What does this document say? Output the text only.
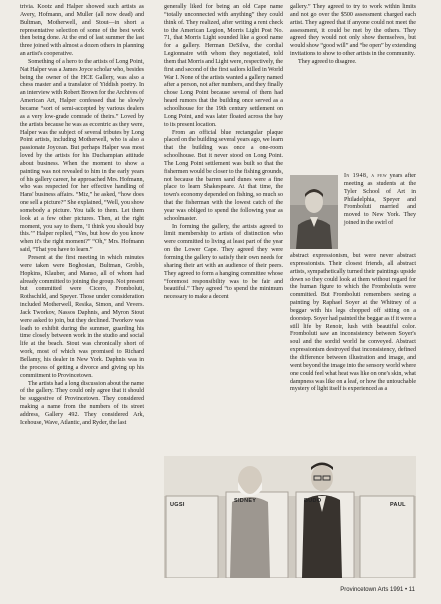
trivia. Kootz and Halper showed such artists as Avery, Hofmann, and Muller (all now dead) and Bultman, Motherwell, and Stout—in short a representative selection of some of the best work then being done. At the end of last summer the last three joined with almost a dozen others in planning an artist's cooperative.

Something of a hero to the artists of Long Point, Nat Halper was a James Joyce scholar who, besides being the owner of the HCE Gallery, was also a chess master and a translator of Yiddish poetry. In an interview with Robert Brown for the Archives of American Art, Halper confessed that he slowly became “sort of semi-accepted by various dealers as a very low-grade comrade of theirs.” Loved by the artists because he was as eccentric as they were, Halper was the subject of several tributes by Long Point artists, including Motherwell, who is also a passionate Joycean. But perhaps Halper was most loved by the artists for his Duchampian attitude about business. When the moment to show a painting was not revealed to him in the early years of his gallery career, he approached Mrs. Hofmann, who was respected for her effective handling of Hans' business affairs. “Miz,” he asked, “how does one sell a picture?” She explained, “Well, you show somebody a picture. You talk to them. Let them look at a few other pictures. Then, at the right moment, you say to them, ‘I think you should buy this.’” Halper replied, “Yes, but how do you know when it's the right moment?” “Oh,” Mrs. Hofmann said, “That you have to learn.”

Present at the first meeting in which minutes were taken were Boghosian, Bultman, Grobls, Hopkins, Klauber, and Manso, all of whom had already committed to joining the group. Not present but committed were Cicero, Fromboluti, Rothschild, and Speyer. Those under consideration included Motherwell, Resika, Simon, and Vevers. Jack Tworkov, Nassos Daphnis, and Myron Stout were asked to join, but they declined. Tworkov was loath to exhibit during the summer, guarding his time closely between work in the studio and social life at the beach. Stout was chronically short of work, most of which was promised to Richard Bellamy, his dealer in New York. Daphnis was in the process of getting a divorce and giving up his commitment to Provincetown.

The artists had a long discussion about the name of the gallery. They could only agree that it should be suggestive of Provincetown. They considered making a name from the numbers of its street address, Gallery 492. They considered Ark, Icehouse, Wave, Atlantic, and Ryder, the last

generally liked for being an old Cape name “totally unconnected with anything” they could think of. They realized, after writing a rent check to the American Legion, Morris Light Post No. 71, that Morris Light sounded like a good name for a gallery. Herman DeSilva, the cordial Legionnaire with whom they negotiated, told them that Morris and Light were, respectively, the first and second of the first sailors killed in World War I. None of the artists wanted a gallery named after a person, not after numbers, and they finally chose Long Point because several of them had heard rumors that the building once served as a schoolhouse for the 19th century settlement on Long Point, and was later floated across the bay to its present location.

From an official blue rectangular plaque placed on the building several years ago, we learn that the building was once a one-room schoolhouse. But it never stood on Long Point. The Long Point settlement was built so that the fishermen would be closer to the fishing grounds, not because the barren sand dunes were a fine place to learn Shakespeare. At that time, the town's economy depended on fishing, so much so that the fisherman with the lowest catch of the year was obliged to spend the following year as schoolmaster.

In forming the gallery, the artists agreed to limit membership to artists of distinction who were committed to living at least part of the year on the Lower Cape. They agreed they were forming the gallery to satisfy their own needs for sharing their art with an audience of their peers. They agreed to form a hanging committee whose “foremost responsibility was to be fair and beautiful.” They agreed “to spend the minimum necessary to make a decent

gallery.” They agreed to try to work within limits and not go over the $500 assessment charged each artist. They agreed that if anyone could not meet the assessment, it could be met by the others. They agreed they would not only show themselves, but would show “good will” and “be open” by extending invitations to show to other artists in the community.

They agreed to disagree.

In 1948, a few years after meeting as students at the Tyler School of Art in Philadelphia, Speyer and Fromboluti married and moved to New York. They joined in the swirl of

abstract expressionism, but were never abstract expressionists. Their closest friends, all abstract artists, sympathetically turned their paintings upside down so they could look at them without regard for the human figure to which the Frombolutis were committed. But Fromboluti remembers seeing a painting by Raphael Soyer at the Whitney of a beggar with his legs chopped off sitting on a doorstep. Soyer had painted the beggar as if it were a still life by Renoir, lush with beautiful color. Fromboluti saw an inconsistency between Soyer's soul and the sordid world he conveyed. Abstract expressionism destroyed that inconsistency, defined the difference between illustration and image, and went beyond the image into the sensory world where one could feel what heat was like on one's skin, what dampness was like on a leaf, or how the untouchable mystery of light itself is experienced as a

UGSI
SIDNEY	BUDO
PAUL
Provincetown Arts 1991 • 11
